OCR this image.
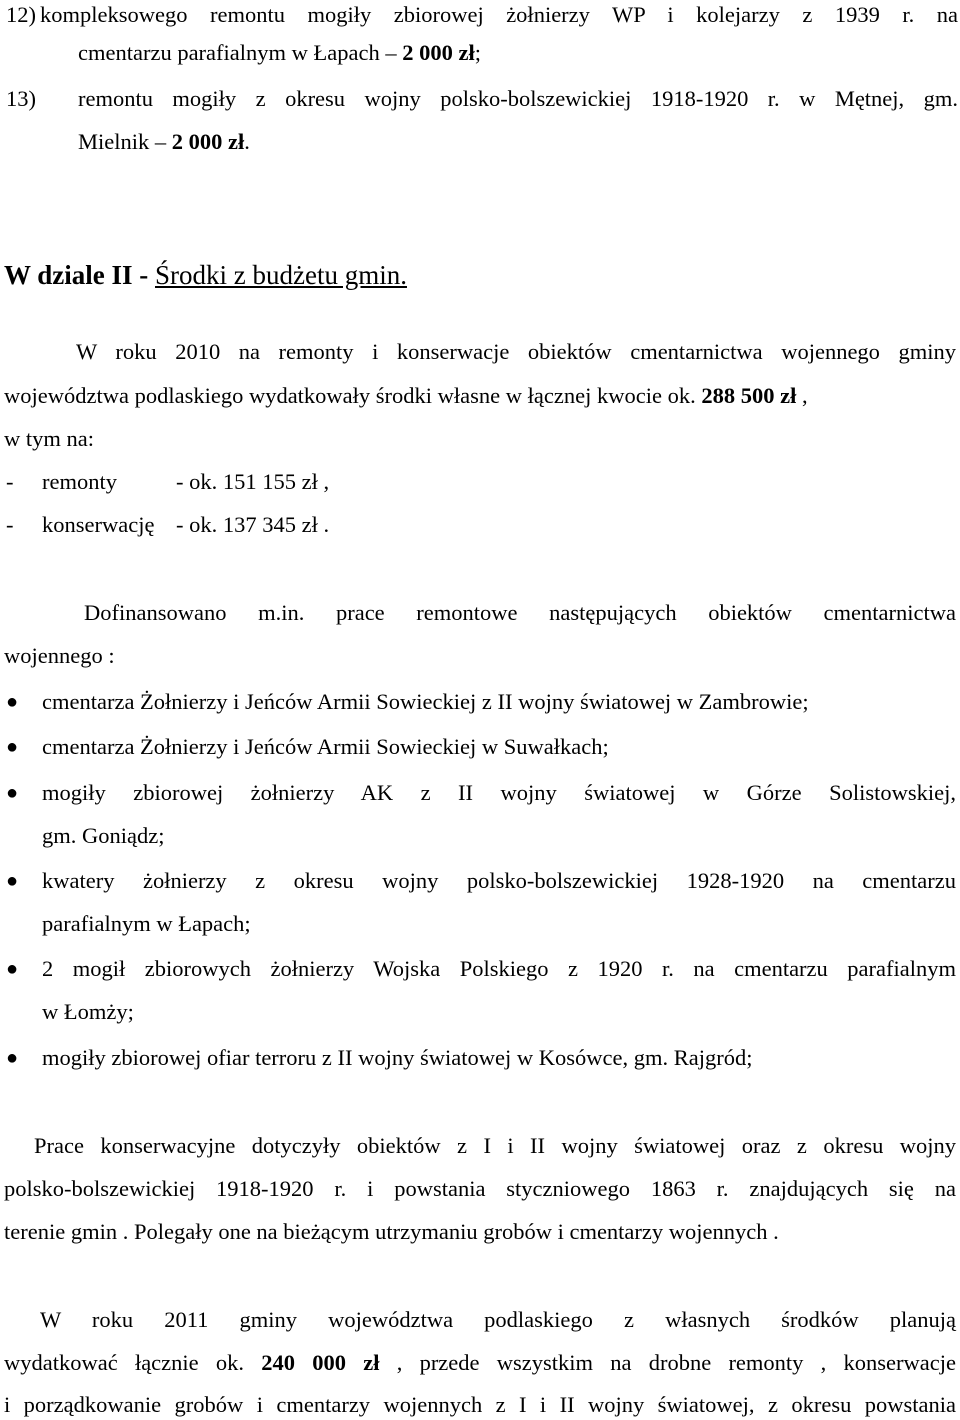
12) kompleksowego remontu mogiły zbiorowej żołnierzy WP i kolejarzy z 1939 r. na
cmentarzu parafialnym w Łapach – 2 000 zł;
13) remontu mogiły z okresu wojny polsko-bolszewickiej 1918-1920 r. w Mętnej, gm.
Mielnik – 2 000 zł.
W dziale II - Środki z budżetu gmin.
W roku 2010 na remonty i konserwacje obiektów cmentarnictwa wojennego gminy
województwa podlaskiego wydatkowały środki własne w łącznej kwocie ok. 288 500 zł ,
w tym na:
- remonty	- ok. 151 155 zł ,
- konserwację - ok. 137 345 zł .
Dofinansowano m.in. prace remontowe następujących obiektów cmentarnictwa
wojennego :
● cmentarza Żołnierzy i Jeńców Armii Sowieckiej z II wojny światowej w Zambrowie;
● cmentarza Żołnierzy i Jeńców Armii Sowieckiej w Suwałkach;
● mogiły zbiorowej żołnierzy AK z II wojny światowej w Górze Solistowskiej,
gm. Goniądz;
● kwatery żołnierzy z okresu wojny polsko-bolszewickiej 1928-1920 na cmentarzu
parafialnym w Łapach;
● 2 mogił zbiorowych żołnierzy Wojska Polskiego z 1920 r. na cmentarzu parafialnym
w Łomży;
● mogiły zbiorowej ofiar terroru z II wojny światowej w Kosówce, gm. Rajgród;
Prace konserwacyjne dotyczyły obiektów z I i II wojny światowej oraz z okresu wojny
polsko-bolszewickiej 1918-1920 r. i powstania styczniowego 1863 r. znajdujących się na
terenie gmin . Polegały one na bieżącym utrzymaniu grobów i cmentarzy wojennych .
W roku 2011 gminy województwa podlaskiego z własnych środków planują
wydatkować łącznie ok. 240 000 zł , przede wszystkim na drobne remonty , konserwacje
i porządkowanie grobów i cmentarzy wojennych z I i II wojny światowej, z okresu powstania
